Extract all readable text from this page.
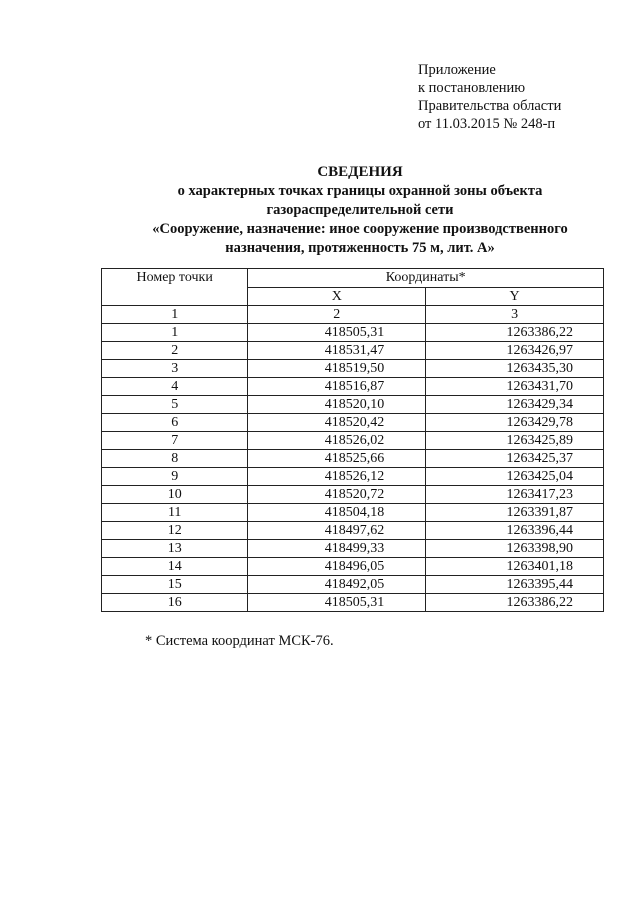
Приложение
к постановлению
Правительства области
от 11.03.2015 № 248-п
СВЕДЕНИЯ
о характерных точках границы охранной зоны объекта
газораспределительной сети
«Сооружение, назначение: иное сооружение производственного
назначения, протяженность 75 м, лит. А»
Номер точки	Координаты*	
	X	Y
1	2	3
1	418505,31	1263386,22
2	418531,47	1263426,97
3	418519,50	1263435,30
4	418516,87	1263431,70
5	418520,10	1263429,34
6	418520,42	1263429,78
7	418526,02	1263425,89
8	418525,66	1263425,37
9	418526,12	1263425,04
10	418520,72	1263417,23
11	418504,18	1263391,87
12	418497,62	1263396,44
13	418499,33	1263398,90
14	418496,05	1263401,18
15	418492,05	1263395,44
16	418505,31	1263386,22
* Система координат МСК-76.
